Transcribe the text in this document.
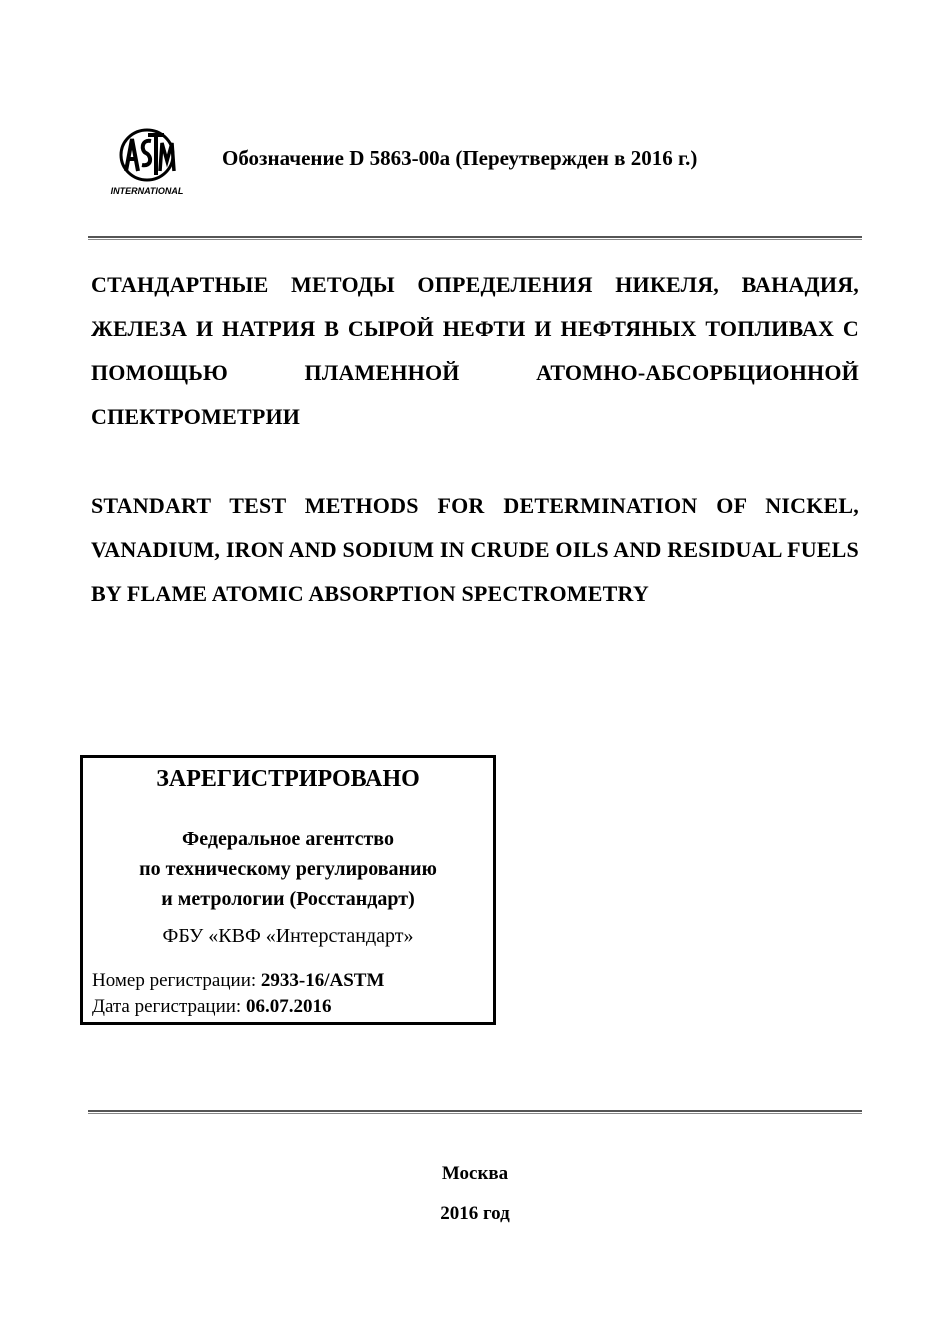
INTERNATIONAL
Обозначение D 5863-00a (Переутвержден в 2016 г.)
СТАНДАРТНЫЕ МЕТОДЫ ОПРЕДЕЛЕНИЯ НИКЕЛЯ, ВАНАДИЯ, ЖЕЛЕЗА И НАТРИЯ В СЫРОЙ НЕФТИ И НЕФТЯНЫХ ТОПЛИВАХ С ПОМОЩЬЮ ПЛАМЕННОЙ АТОМНО-АБСОРБЦИОННОЙ СПЕКТРОМЕТРИИ
STANDART TEST METHODS FOR DETERMINATION OF NICKEL, VANADIUM, IRON AND SODIUM IN CRUDE OILS AND RESIDUAL FUELS BY FLAME ATOMIC ABSORPTION SPECTROMETRY
ЗАРЕГИСТРИРОВАНО
Федеральное агентство
по техническому регулированию
и метрологии (Росстандарт)
ФБУ «КВФ «Интерстандарт»
Номер регистрации: 2933-16/ASTM
Дата регистрации: 06.07.2016
Москва
2016 год
